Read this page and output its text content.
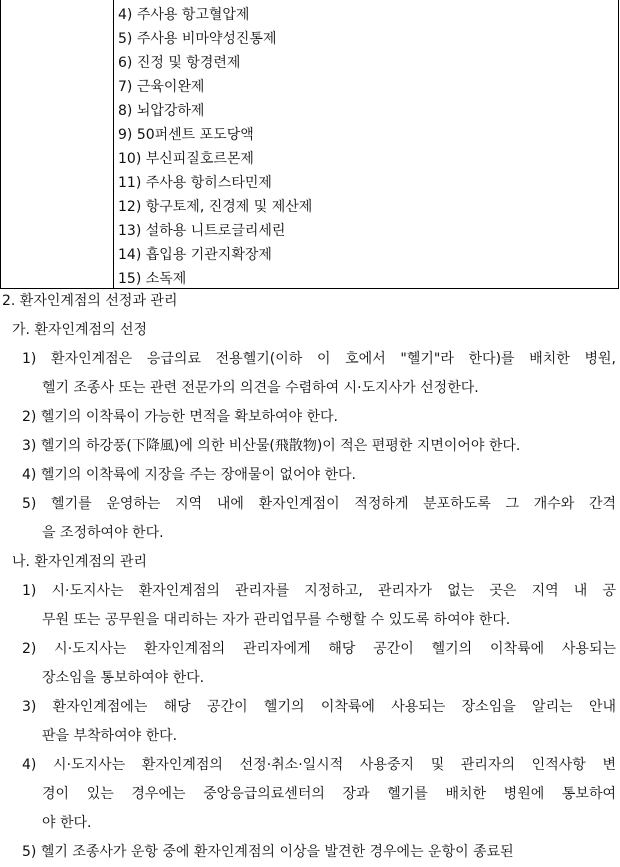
4) 주사용 항고혈압제
5) 주사용 비마약성진통제
6) 진정 및 항경련제
7) 근육이완제
8) 뇌압강하제
9) 50퍼센트 포도당액
10) 부신피질호르몬제
11) 주사용 항히스타민제
12) 항구토제, 진경제 및 제산제
13) 설하용 니트로글리세린
14) 흡입용 기관지확장제
15) 소독제
2. 환자인계점의 선정과 관리
가. 환자인계점의 선정
1) 환자인계점은 응급의료 전용헬기(이하 이 호에서 "헬기"라 한다)를 배치한 병원,
헬기 조종사 또는 관련 전문가의 의견을 수렴하여 시·도지사가 선정한다.
2) 헬기의 이착륙이 가능한 면적을 확보하여야 한다.
3) 헬기의 하강풍(下降風)에 의한 비산물(飛散物)이 적은 편평한 지면이어야 한다.
4) 헬기의 이착륙에 지장을 주는 장애물이 없어야 한다.
5) 헬기를 운영하는 지역 내에 환자인계점이 적정하게 분포하도록 그 개수와 간격
을 조정하여야 한다.
나. 환자인계점의 관리
1) 시·도지사는 환자인계점의 관리자를 지정하고, 관리자가 없는 곳은 지역 내 공
무원 또는 공무원을 대리하는 자가 관리업무를 수행할 수 있도록 하여야 한다.
2) 시·도지사는 환자인계점의 관리자에게 해당 공간이 헬기의 이착륙에 사용되는
장소임을 통보하여야 한다.
3) 환자인계점에는 해당 공간이 헬기의 이착륙에 사용되는 장소임을 알리는 안내
판을 부착하여야 한다.
4) 시·도지사는 환자인계점의 선정·취소·일시적 사용중지 및 관리자의 인적사항 변
경이 있는 경우에는 중앙응급의료센터의 장과 헬기를 배치한 병원에 통보하여
야 한다.
5) 헬기 조종사가 운항 중에 환자인계점의 이상을 발견한 경우에는 운항이 종료된
